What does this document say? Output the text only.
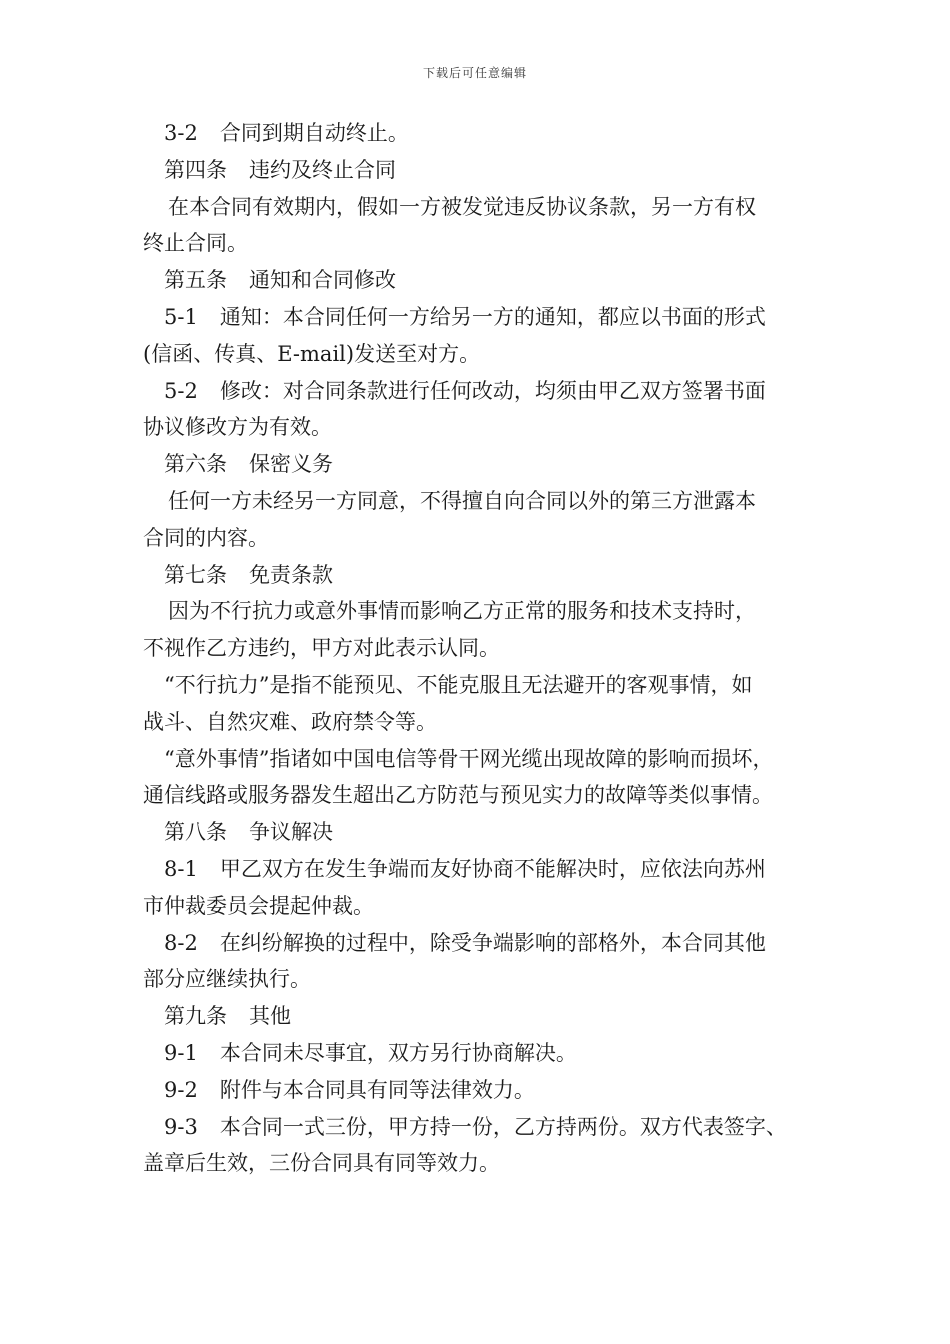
下载后可任意编辑
3-2 合同到期自动终止。
第四条 违约及终止合同
在本合同有效期内，假如一方被发觉违反协议条款，另一方有权
终止合同。
第五条 通知和合同修改
5-1 通知：本合同任何一方给另一方的通知，都应以书面的形式
(信函、传真、E-mail)发送至对方。
5-2 修改：对合同条款进行任何改动，均须由甲乙双方签署书面
协议修改方为有效。
第六条 保密义务
任何一方未经另一方同意，不得擅自向合同以外的第三方泄露本
合同的内容。
第七条 免责条款
因为不行抗力或意外事情而影响乙方正常的服务和技术支持时，
不视作乙方违约，甲方对此表示认同。
“不行抗力”是指不能预见、不能克服且无法避开的客观事情，如
战斗、自然灾难、政府禁令等。
“意外事情”指诸如中国电信等骨干网光缆出现故障的影响而损坏，
通信线路或服务器发生超出乙方防范与预见实力的故障等类似事情。
第八条 争议解决
8-1 甲乙双方在发生争端而友好协商不能解决时，应依法向苏州
市仲裁委员会提起仲裁。
8-2 在纠纷解换的过程中，除受争端影响的部格外，本合同其他
部分应继续执行。
第九条 其他
9-1 本合同未尽事宜，双方另行协商解决。
9-2 附件与本合同具有同等法律效力。
9-3 本合同一式三份，甲方持一份，乙方持两份。双方代表签字、
盖章后生效，三份合同具有同等效力。
